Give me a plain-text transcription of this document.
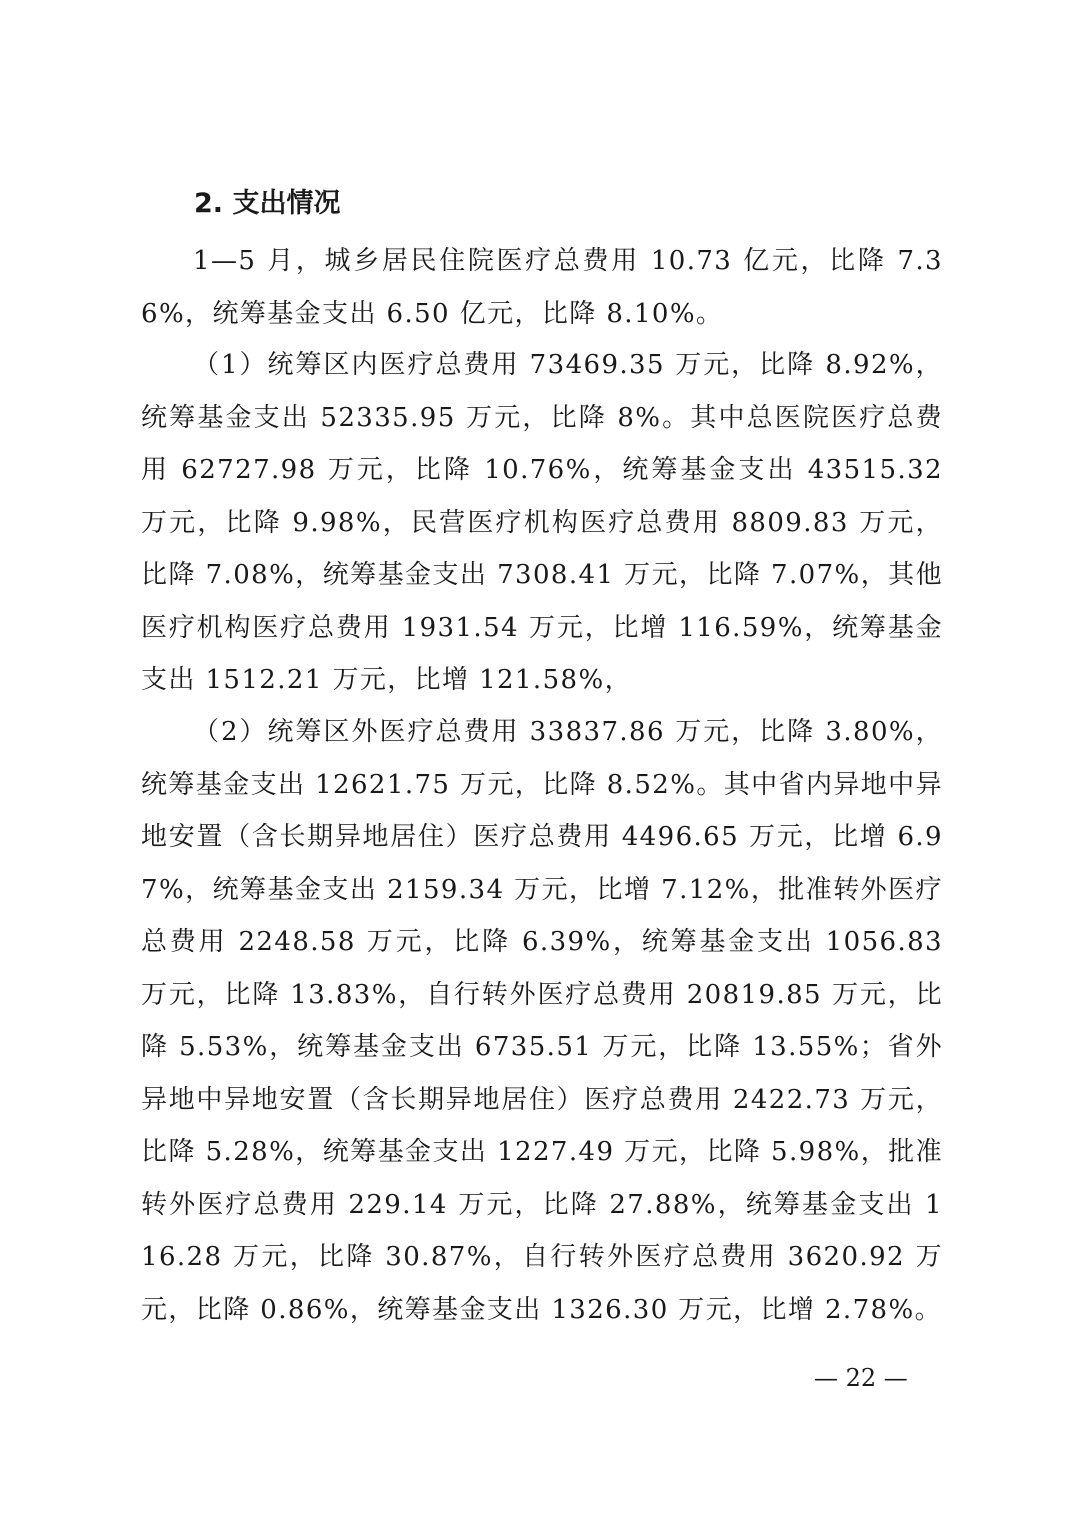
2. 支出情况

1—5 月，城乡居民住院医疗总费用 10.73 亿元，比降 7.36%，统筹基金支出 6.50 亿元，比降 8.10%。

（1）统筹区内医疗总费用 73469.35 万元，比降 8.92%，统筹基金支出 52335.95 万元，比降 8%。其中总医院医疗总费用 62727.98 万元，比降 10.76%，统筹基金支出 43515.32 万元，比降 9.98%，民营医疗机构医疗总费用 8809.83 万元，比降 7.08%，统筹基金支出 7308.41 万元，比降 7.07%，其他医疗机构医疗总费用 1931.54 万元，比增 116.59%，统筹基金支出 1512.21 万元，比增 121.58%，

（2）统筹区外医疗总费用 33837.86 万元，比降 3.80%，统筹基金支出 12621.75 万元，比降 8.52%。其中省内异地中异地安置（含长期异地居住）医疗总费用 4496.65 万元，比增 6.97%，统筹基金支出 2159.34 万元，比增 7.12%，批准转外医疗总费用 2248.58 万元，比降 6.39%，统筹基金支出 1056.83 万元，比降 13.83%，自行转外医疗总费用 20819.85 万元，比降 5.53%，统筹基金支出 6735.51 万元，比降 13.55%；省外异地中异地安置（含长期异地居住）医疗总费用 2422.73 万元，比降 5.28%，统筹基金支出 1227.49 万元，比降 5.98%，批准转外医疗总费用 229.14 万元，比降 27.88%，统筹基金支出 116.28 万元，比降 30.87%，自行转外医疗总费用 3620.92 万元，比降 0.86%，统筹基金支出 1326.30 万元，比增 2.78%。

— 22 —
